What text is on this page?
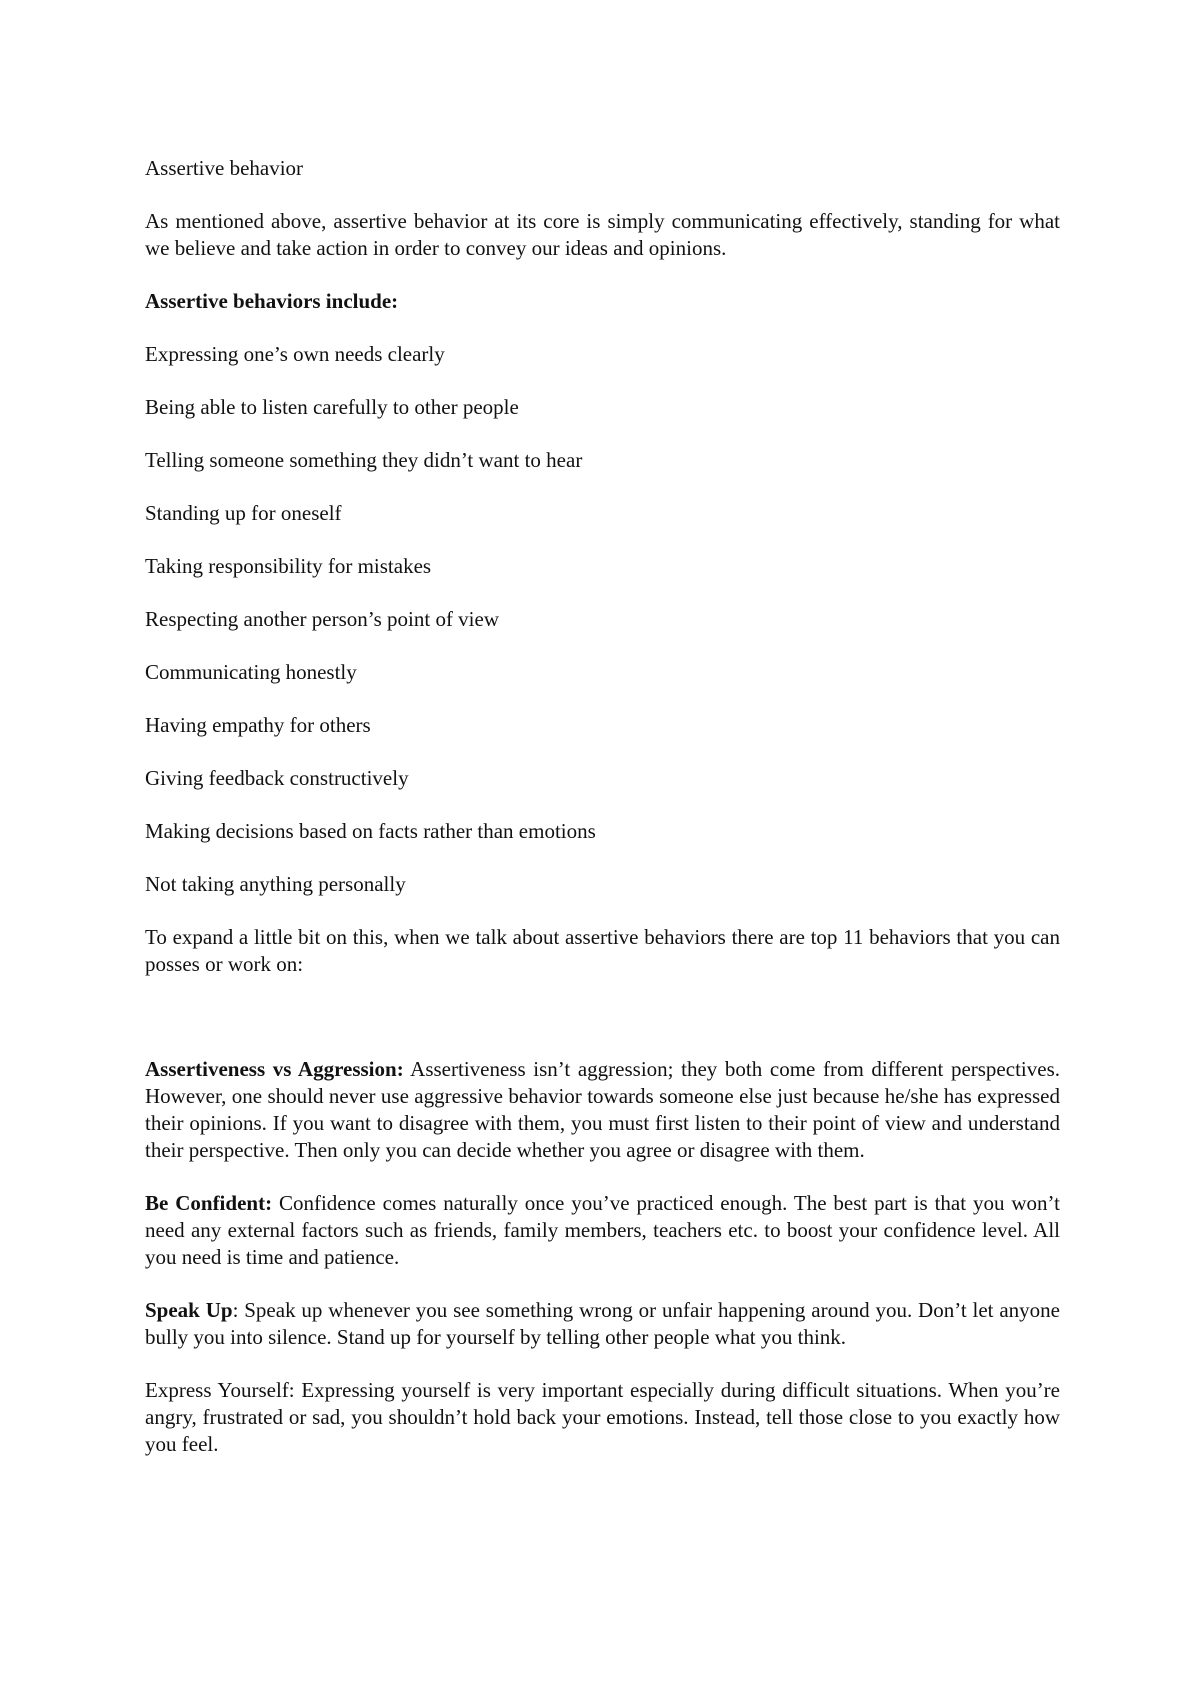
Assertive behavior

As mentioned above, assertive behavior at its core is simply communicating effectively, standing for what we believe and take action in order to convey our ideas and opinions.

Assertive behaviors include:

Expressing one’s own needs clearly

Being able to listen carefully to other people

Telling someone something they didn’t want to hear

Standing up for oneself

Taking responsibility for mistakes

Respecting another person’s point of view

Communicating honestly

Having empathy for others

Giving feedback constructively

Making decisions based on facts rather than emotions

Not taking anything personally

To expand a little bit on this, when we talk about assertive behaviors there are top 11 behaviors that you can posses or work on:

Assertiveness vs Aggression: Assertiveness isn’t aggression; they both come from different perspectives. However, one should never use aggressive behavior towards someone else just because he/she has expressed their opinions. If you want to disagree with them, you must first listen to their point of view and understand their perspective. Then only you can decide whether you agree or disagree with them.

Be Confident: Confidence comes naturally once you’ve practiced enough. The best part is that you won’t need any external factors such as friends, family members, teachers etc. to boost your confidence level. All you need is time and patience.

Speak Up: Speak up whenever you see something wrong or unfair happening around you. Don’t let anyone bully you into silence. Stand up for yourself by telling other people what you think.

Express Yourself: Expressing yourself is very important especially during difficult situations. When you’re angry, frustrated or sad, you shouldn’t hold back your emotions. Instead, tell those close to you exactly how you feel.
